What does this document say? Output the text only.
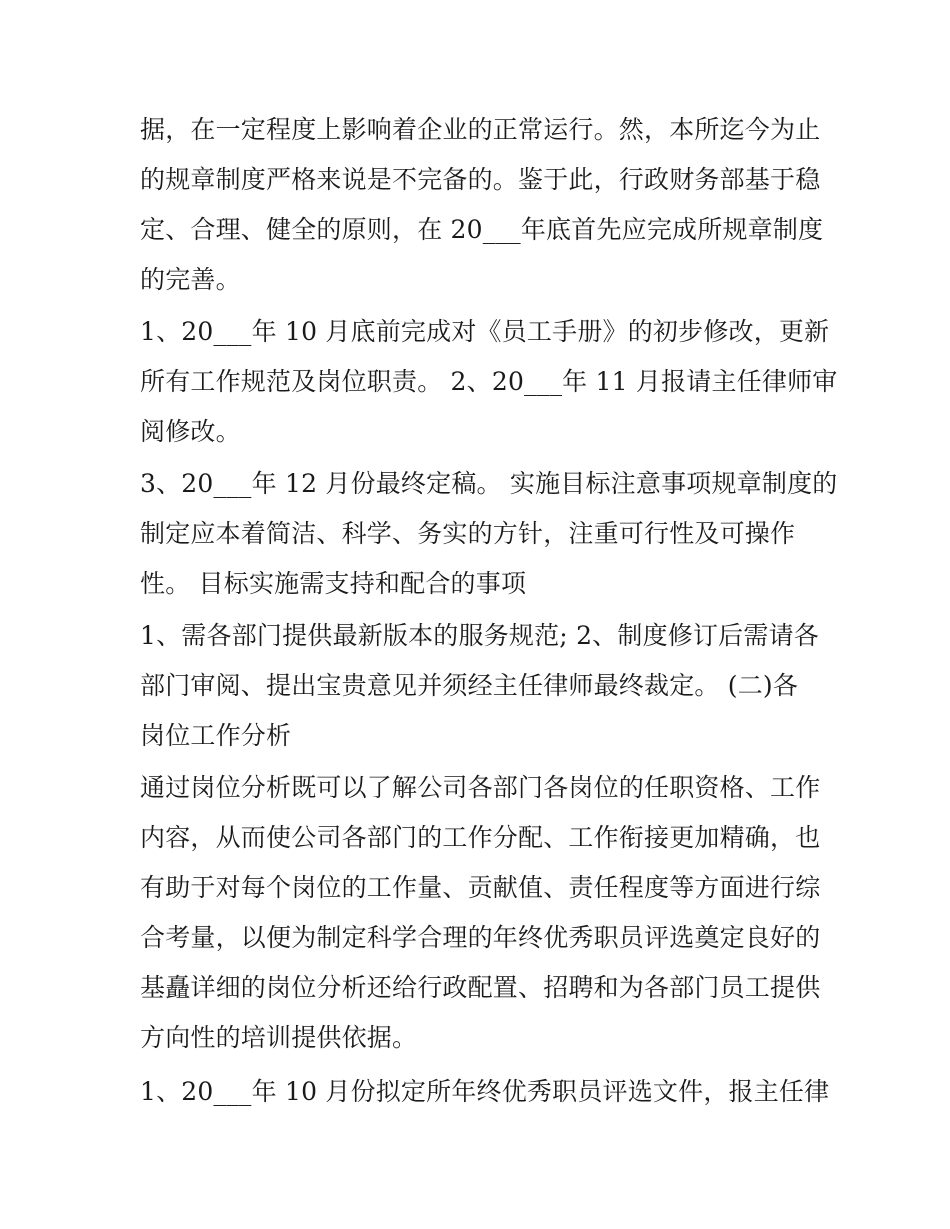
据，在一定程度上影响着企业的正常运行。然，本所迄今为止
的规章制度严格来说是不完备的。鉴于此，行政财务部基于稳
定、合理、健全的原则，在 20___年底首先应完成所规章制度
的完善。
1、20___年 10 月底前完成对《员工手册》的初步修改，更新
所有工作规范及岗位职责。 2、20___年 11 月报请主任律师审
阅修改。
3、20___年 12 月份最终定稿。 实施目标注意事项规章制度的
制定应本着简洁、科学、务实的方针，注重可行性及可操作
性。 目标实施需支持和配合的事项
1、需各部门提供最新版本的服务规范; 2、制度修订后需请各
部门审阅、提出宝贵意见并须经主任律师最终裁定。 (二)各
岗位工作分析
通过岗位分析既可以了解公司各部门各岗位的任职资格、工作
内容，从而使公司各部门的工作分配、工作衔接更加精确，也
有助于对每个岗位的工作量、贡献值、责任程度等方面进行综
合考量，以便为制定科学合理的年终优秀职员评选奠定良好的
基矗详细的岗位分析还给行政配置、招聘和为各部门员工提供
方向性的培训提供依据。
1、20___年 10 月份拟定所年终优秀职员评选文件，报主任律
